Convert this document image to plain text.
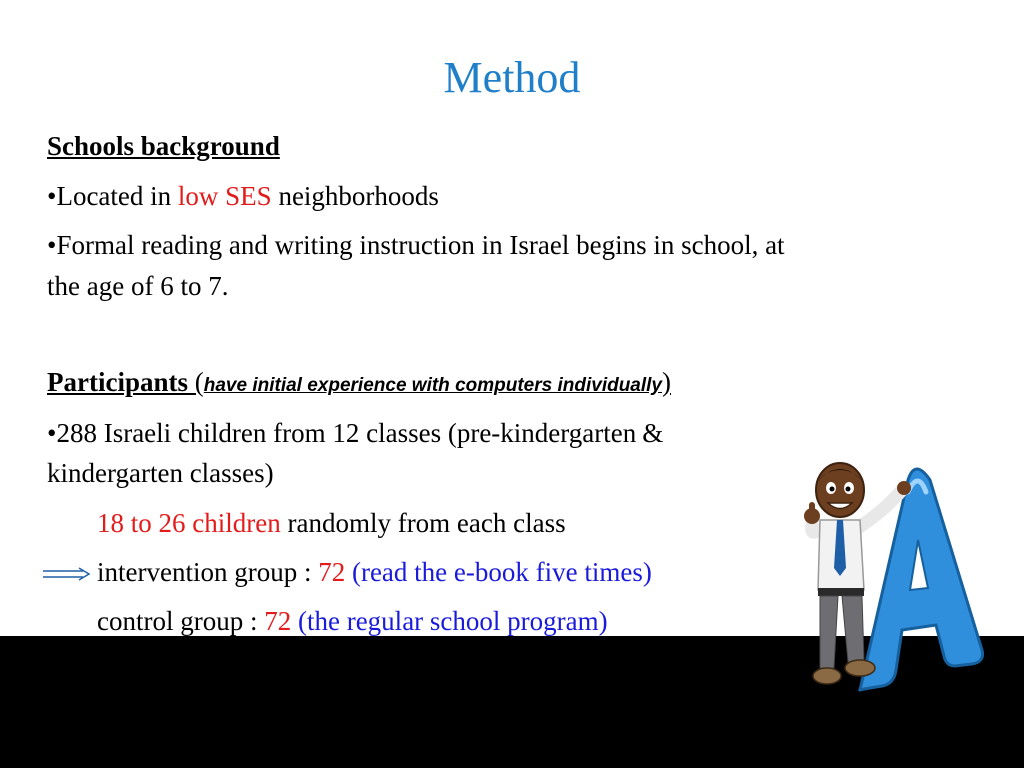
Method
Schools background
•Located in low SES neighborhoods
•Formal reading and writing instruction in Israel begins in school, at
the age of 6 to 7.
Participants (have initial experience with computers individually)
•288 Israeli children from 12 classes (pre-kindergarten &
kindergarten classes)
18 to 26 children randomly from each class
intervention group : 72 (read the e-book five times)
control group : 72 (the regular school program)
